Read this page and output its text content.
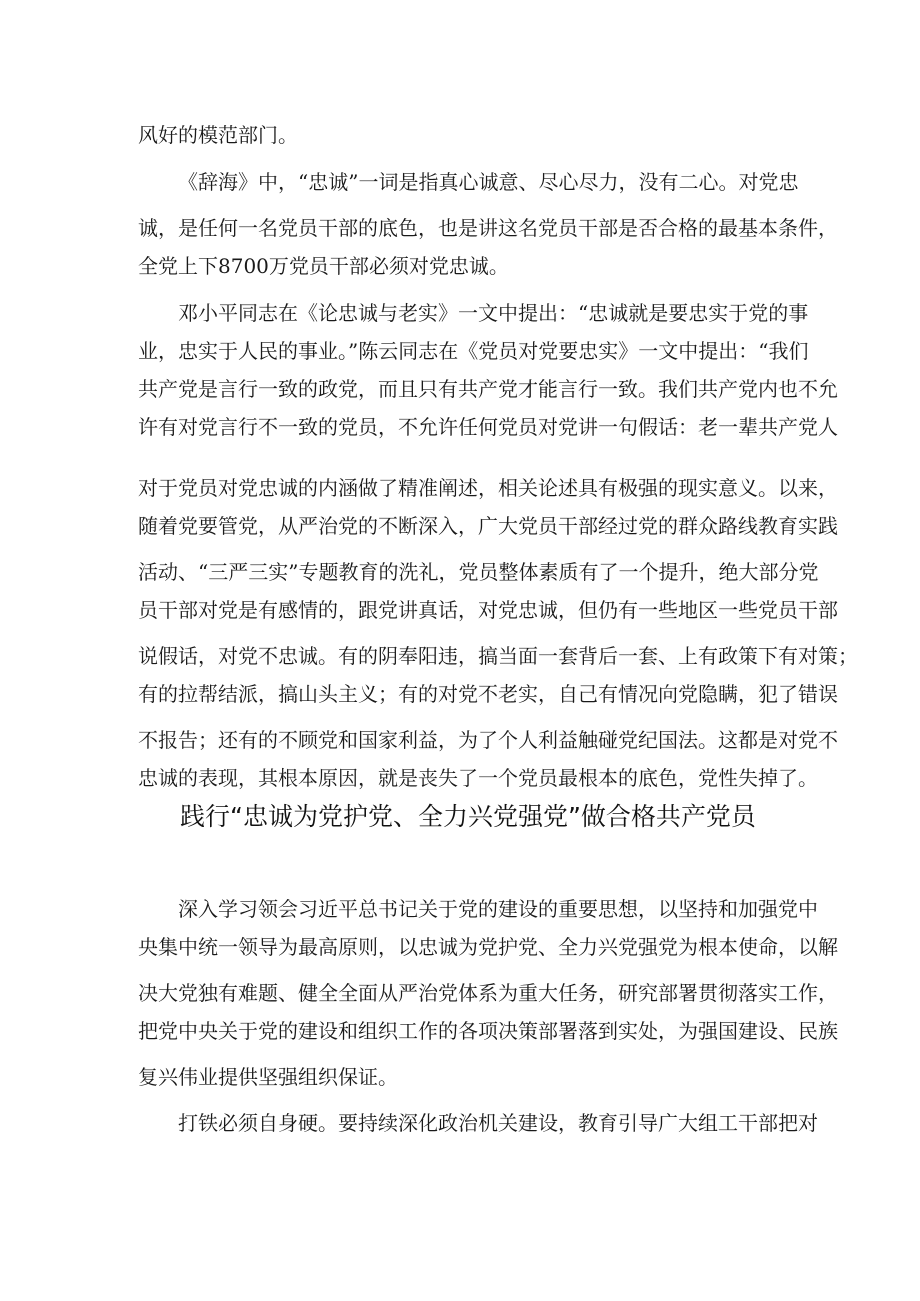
风好的模范部门。
《辞海》中，“忠诚”一词是指真心诚意、尽心尽力，没有二心。对党忠
诚，是任何一名党员干部的底色，也是讲这名党员干部是否合格的最基本条件，
全党上下8700万党员干部必须对党忠诚。
邓小平同志在《论忠诚与老实》一文中提出：“忠诚就是要忠实于党的事
业，忠实于人民的事业。”陈云同志在《党员对党要忠实》一文中提出：“我们
共产党是言行一致的政党，而且只有共产党才能言行一致。我们共产党内也不允
许有对党言行不一致的党员，不允许任何党员对党讲一句假话：老一辈共产党人
对于党员对党忠诚的内涵做了精准阐述，相关论述具有极强的现实意义。以来，
随着党要管党，从严治党的不断深入，广大党员干部经过党的群众路线教育实践
活动、“三严三实”专题教育的洗礼，党员整体素质有了一个提升，绝大部分党
员干部对党是有感情的，跟党讲真话，对党忠诚，但仍有一些地区一些党员干部
说假话，对党不忠诚。有的阴奉阳违，搞当面一套背后一套、上有政策下有对策；
有的拉帮结派，搞山头主义；有的对党不老实，自己有情况向党隐瞒，犯了错误
不报告；还有的不顾党和国家利益，为了个人利益触碰党纪国法。这都是对党不
忠诚的表现，其根本原因，就是丧失了一个党员最根本的底色，党性失掉了。
践行“忠诚为党护党、全力兴党强党”做合格共产党员
深入学习领会习近平总书记关于党的建设的重要思想，以坚持和加强党中
央集中统一领导为最高原则，以忠诚为党护党、全力兴党强党为根本使命，以解
决大党独有难题、健全全面从严治党体系为重大任务，研究部署贯彻落实工作，
把党中央关于党的建设和组织工作的各项决策部署落到实处，为强国建设、民族
复兴伟业提供坚强组织保证。
打铁必须自身硬。要持续深化政治机关建设，教育引导广大组工干部把对
